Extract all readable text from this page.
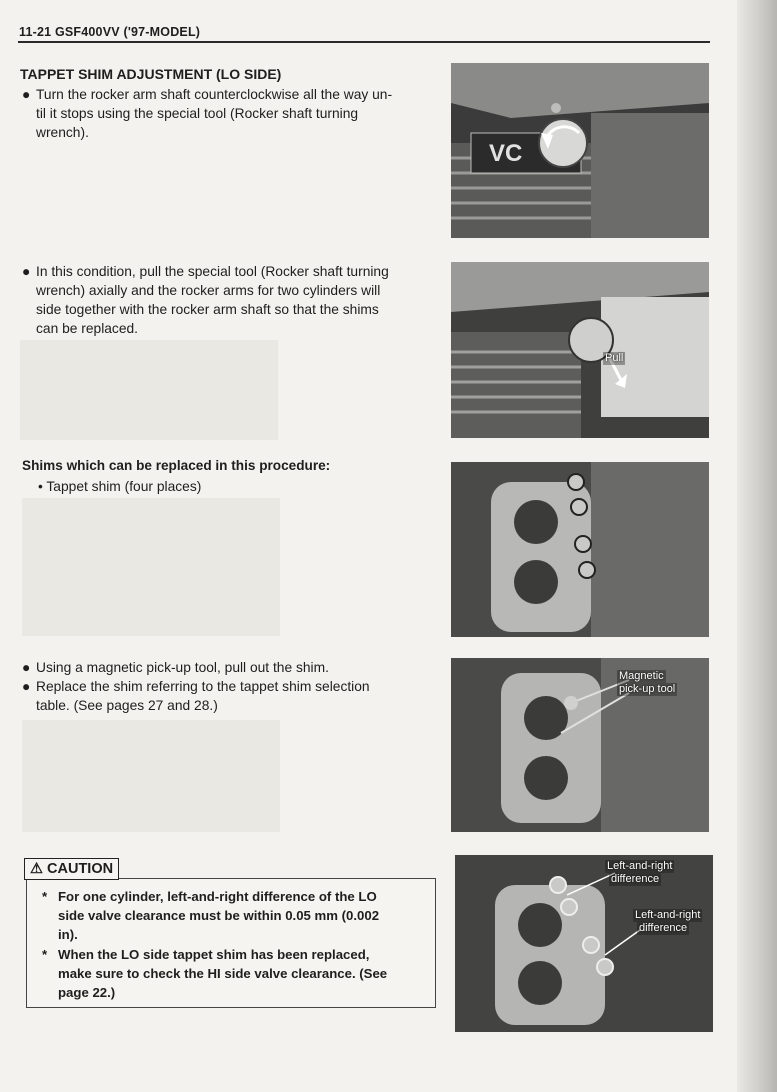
11-21 GSF400VV ('97-MODEL)
TAPPET SHIM ADJUSTMENT (LO SIDE)
● Turn the rocker arm shaft counterclockwise all the way un-
til it stops using the special tool (Rocker shaft turning
wrench).
● In this condition, pull the special tool (Rocker shaft turning
wrench) axially and the rocker arms for two cylinders will
side together with the rocker arm shaft so that the shims
can be replaced.
Shims which can be replaced in this procedure:
• Tappet shim (four places)
● Using a magnetic pick-up tool, pull out the shim.
● Replace the shim referring to the tappet shim selection
table. (See pages 27 and 28.)
⚠ CAUTION
* For one cylinder, left-and-right difference of the LO
side valve clearance must be within 0.05 mm (0.002
in).
* When the LO side tappet shim has been replaced,
make sure to check the HI side valve clearance. (See
page 22.)
VC
Pull
Magnetic
pick-up tool
Left-and-right
difference
Left-and-right
difference
